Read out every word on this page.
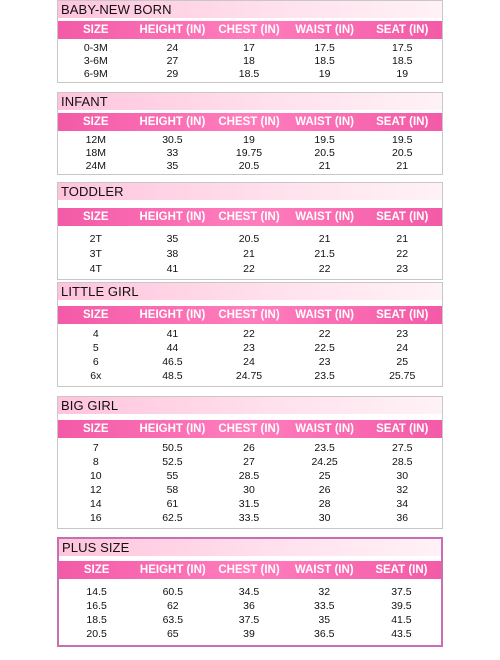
BABY-NEW BORN
SIZE	HEIGHT (IN)	CHEST (IN)	WAIST (IN)	SEAT (IN)
0-3M	24	17	17.5	17.5
3-6M	27	18	18.5	18.5
6-9M	29	18.5	19	19
INFANT
SIZE	HEIGHT (IN)	CHEST (IN)	WAIST (IN)	SEAT (IN)
12M	30.5	19	19.5	19.5
18M	33	19.75	20.5	20.5
24M	35	20.5	21	21
TODDLER
SIZE	HEIGHT (IN)	CHEST (IN)	WAIST (IN)	SEAT (IN)
2T	35	20.5	21	21
3T	38	21	21.5	22
4T	41	22	22	23
LITTLE GIRL
SIZE	HEIGHT (IN)	CHEST (IN)	WAIST (IN)	SEAT (IN)
4	41	22	22	23
5	44	23	22.5	24
6	46.5	24	23	25
6x	48.5	24.75	23.5	25.75
BIG GIRL
SIZE	HEIGHT (IN)	CHEST (IN)	WAIST (IN)	SEAT (IN)
7	50.5	26	23.5	27.5
8	52.5	27	24.25	28.5
10	55	28.5	25	30
12	58	30	26	32
14	61	31.5	28	34
16	62.5	33.5	30	36
PLUS SIZE
SIZE	HEIGHT (IN)	CHEST (IN)	WAIST (IN)	SEAT (IN)
14.5	60.5	34.5	32	37.5
16.5	62	36	33.5	39.5
18.5	63.5	37.5	35	41.5
20.5	65	39	36.5	43.5
